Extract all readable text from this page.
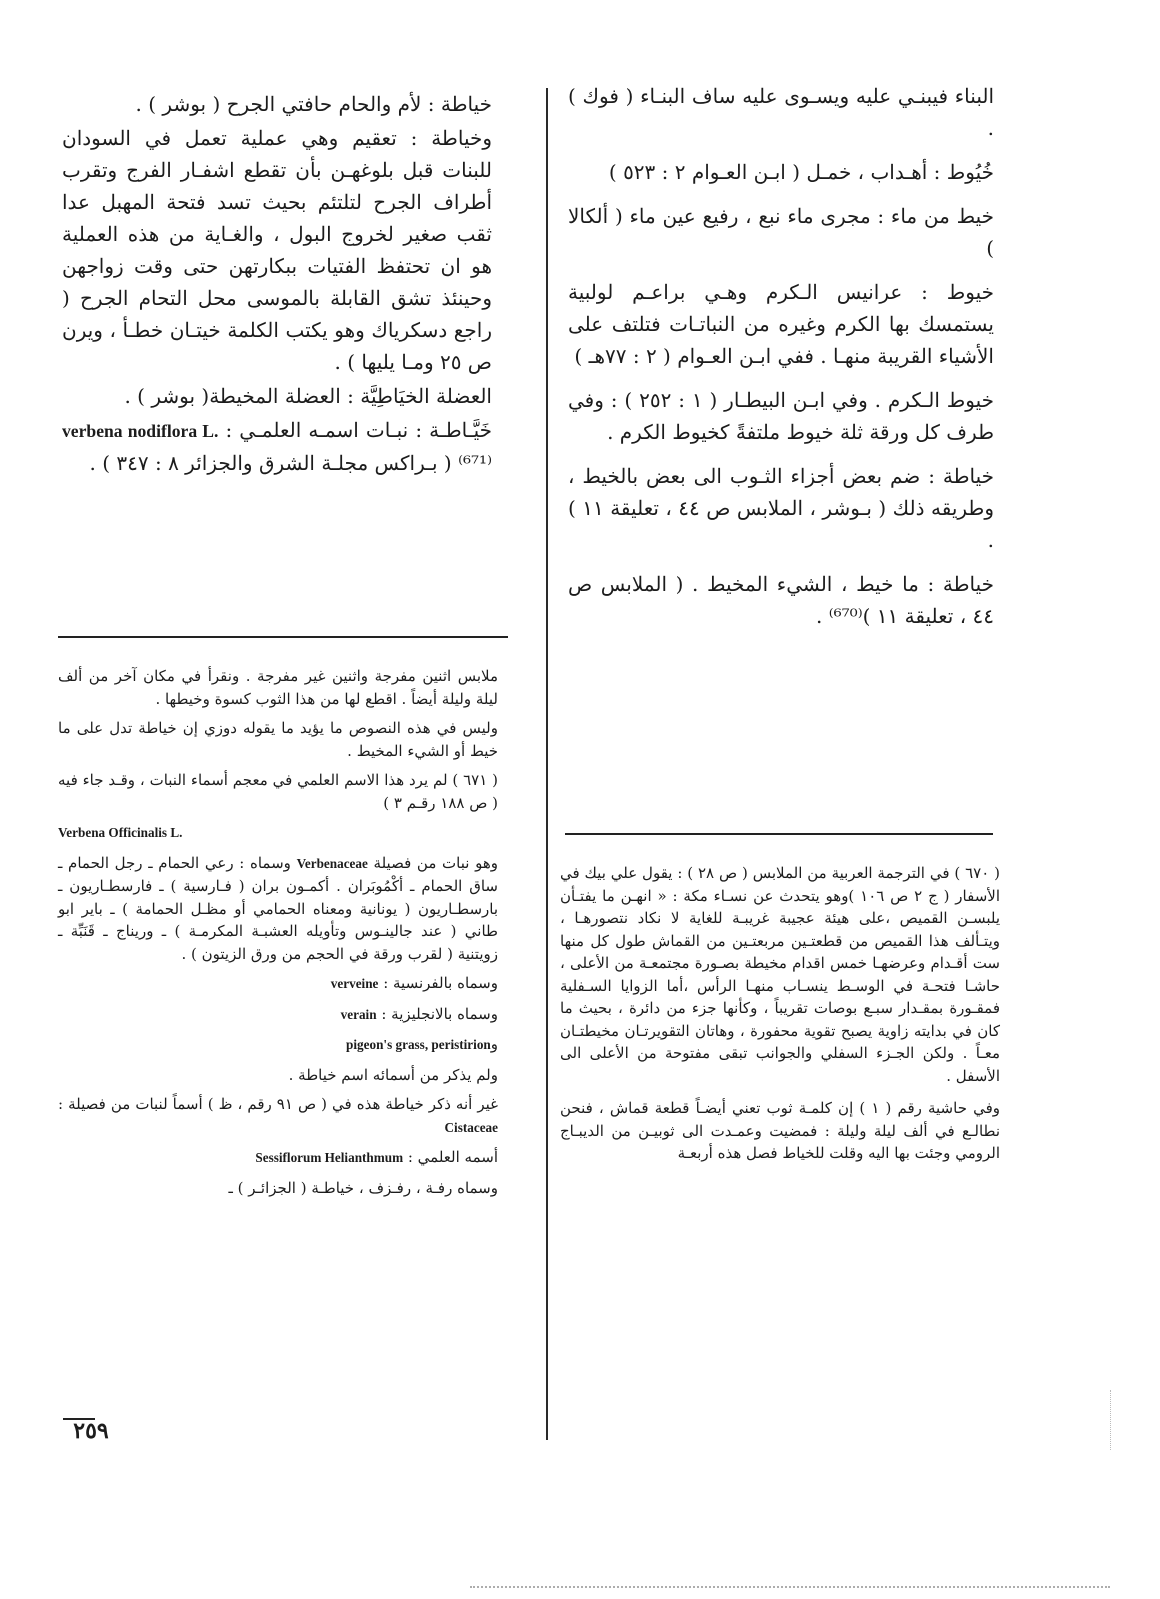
البناء فيبنـي عليه ويسـوى عليه ساف البنـاء ( فوك ) .

خُيُوط : أهـداب ، خمـل ( ابـن العـوام ٢ : ٥٢٣ )

خيط من ماء : مجرى ماء نبع ، رفيع عين ماء ( ألكالا )

خيوط : عرانيس الـكرم وهـي براعـم لولبية يستمسك بها الكرم وغيره من النباتـات فتلتف على الأشياء القريبة منهـا . ففي ابـن العـوام ( ٢ : ٧٧هـ )

خيوط الـكرم . وفي ابـن البيطـار ( ١ : ٢٥٢ ) : وفي طرف كل ورقة ثلة خيوط ملتفةً كخيوط الكرم .

خياطة : ضم بعض أجزاء الثـوب الى بعض بالخيط ، وطريقه ذلك ( بـوشر ، الملابس ص ٤٤ ، تعليقة ١١ ) .

خياطة : ما خيط ، الشيء المخيط . ( الملابس ص ٤٤ ، تعليقة ١١ )⁽⁶⁷⁰⁾ .

خياطة : لأم والحام حافتي الجرح ( بوشر ) .

وخياطة : تعقيم وهي عملية تعمل في السودان للبنات قبل بلوغهـن بأن تقطع اشفـار الفرج وتقرب أطراف الجرح لتلتئم بحيث تسد فتحة المهبل عدا ثقب صغير لخروج البول ، والغـاية من هذه العملية هو ان تحتفظ الفتيات ببكارتهن حتى وقت زواجهن وحينئذ تشق القابلة بالموسى محل التحام الجرح ( راجع دسكرياك وهو يكتب الكلمة خيتـان خطـأ ، ويرن ص ٢٥ ومـا يليها ) .

العضلة الخيَاطِيَّة : العضلة المخيطة( بوشر ) .

خَيَّـاطـة : نبـات اسمـه العلمـي : verbena nodiflora L. ⁽⁶⁷¹⁾ ( بـراكس مجلـة الشرق والجزائر ٨ : ٣٤٧ ) .

ملابس اثنين مفرجة واثنين غير مفرجة . ونقرأ في مكان آخر من ألف ليلة وليلة أيضاً . اقطع لها من هذا الثوب كسوة وخيطها .

وليس في هذه النصوص ما يؤيد ما يقوله دوزي إن خياطة تدل على ما خيط أو الشيء المخيط .

( ٦٧١ ) لم يرد هذا الاسم العلمي في معجم أسماء النبات ، وقـد جاء فيه ( ص ١٨٨ رقـم ٣ )

Verbena Officinalis L.

وهو نبات من فصيلة Verbenaceae وسماه : رعي الحمام ـ رجل الحمام ـ ساق الحمام ـ أكْمُوبَران . أكمـون بران ( فـارسية ) ـ فارسطـاريون ـ بارسطـاريون ( يونانية ومعناه الحمامي أو مظـل الحمامة ) ـ باير ابو طاني ( عند جالينـوس وتأويله العشبـة المكرمـة ) ـ وريناج ـ قَنَبِّة ـ زويتنية ( لقرب ورقة في الحجم من ورق الزيتون ) .

وسماه بالفرنسية : verveine

وسماه بالانجليزية : verain

وpigeon's grass, peristirion

ولم يذكر من أسمائه اسم خياطة .

غير أنه ذكر خياطة هذه في ( ص ٩١ رقم ، ظ ) أسماً لنبات من فصيلة : Cistaceae

أسمه العلمي : Sessiflorum Helianthmum

وسماه رفـة ، رفـزف ، خياطـة ( الجزائـر ) ـ

( ٦٧٠ ) في الترجمة العربية من الملابس ( ص ٢٨ ) : يقول علي بيك في الأسفار ( ج ٢ ص ١٠٦ )وهو يتحدث عن نسـاء مكة : « انهـن ما يفتـأن يلبسـن القميص ،على هيئة عجيبة غريبـة للغاية لا نكاد نتصورهـا ، ويتـألف هذا القميص من قطعتـين مربعتـين من القماش طول كل منها ست أقـدام وعرضهـا خمس اقدام مخيطة بصـورة مجتمعـة من الأعلى ، حاشـا فتحـة في الوسـط ينسـاب منهـا الرأس ،أما الزوايا السـفلية فمقـورة بمقـدار سبـع بوصات تقريباً ، وكأنها جزء من دائرة ، بحيث ما كان في بدايته زاوية يصبح تقوية محفورة ، وهاتان التقويرتـان مخيطتـان معـاً . ولكن الجـزء السفلي والجوانب تبقى مفتوحة من الأعلى الى الأسفل .

وفي حاشية رقم ( ١ ) إن كلمـة ثوب تعني أيضـاً قطعة قماش ، فنحن نطالـع في ألف ليلة وليلة : فمضيت وعمـدت الى ثوبيـن من الديبـاج الرومي وجئت بها اليه وقلت للخياط فصل هذه أربعـة

٢٥٩
